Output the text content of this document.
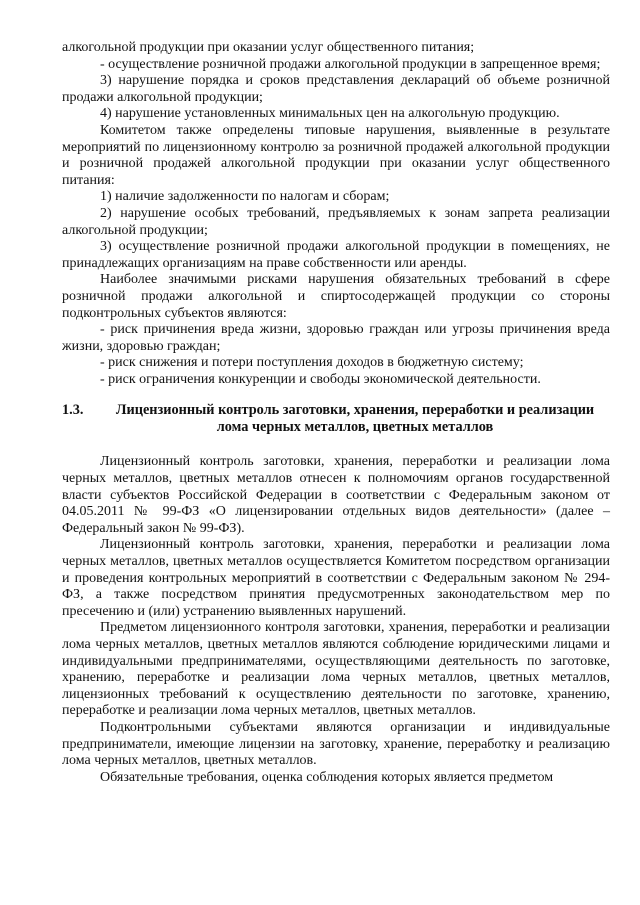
алкогольной продукции при оказании услуг общественного питания;

- осуществление розничной продажи алкогольной продукции в запрещенное время;

3) нарушение порядка и сроков представления деклараций об объеме розничной продажи алкогольной продукции;

4) нарушение установленных минимальных цен на алкогольную продукцию.

Комитетом также определены типовые нарушения, выявленные в результате мероприятий по лицензионному контролю за розничной продажей алкогольной продукции и розничной продажей алкогольной продукции при оказании услуг общественного питания:

1) наличие задолженности по налогам и сборам;

2) нарушение особых требований, предъявляемых к зонам запрета реализации алкогольной продукции;

3) осуществление розничной продажи алкогольной продукции в помещениях, не принадлежащих организациям на праве собственности или аренды.

Наиболее значимыми рисками нарушения обязательных требований в сфере розничной продажи алкогольной и спиртосодержащей продукции со стороны подконтрольных субъектов являются:

- риск причинения вреда жизни, здоровью граждан или угрозы причинения вреда жизни, здоровью граждан;

- риск снижения и потери поступления доходов в бюджетную систему;

- риск ограничения конкуренции и свободы экономической деятельности.

1.3.	Лицензионный контроль заготовки, хранения, переработки и реализации лома черных металлов, цветных металлов

Лицензионный контроль заготовки, хранения, переработки и реализации лома черных металлов, цветных металлов отнесен к полномочиям органов государственной власти субъектов Российской Федерации в соответствии с Федеральным законом от 04.05.2011 № 99-ФЗ «О лицензировании отдельных видов деятельности» (далее – Федеральный закон № 99-ФЗ).

Лицензионный контроль заготовки, хранения, переработки и реализации лома черных металлов, цветных металлов осуществляется Комитетом посредством организации и проведения контрольных мероприятий в соответствии с Федеральным законом № 294-ФЗ, а также посредством принятия предусмотренных законодательством мер по пресечению и (или) устранению выявленных нарушений.

Предметом лицензионного контроля заготовки, хранения, переработки и реализации лома черных металлов, цветных металлов являются соблюдение юридическими лицами и индивидуальными предпринимателями, осуществляющими деятельность по заготовке, хранению, переработке и реализации лома черных металлов, цветных металлов, лицензионных требований к осуществлению деятельности по заготовке, хранению, переработке и реализации лома черных металлов, цветных металлов.

Подконтрольными субъектами являются организации и индивидуальные предприниматели, имеющие лицензии на заготовку, хранение, переработку и реализацию лома черных металлов, цветных металлов.

Обязательные требования, оценка соблюдения которых является предметом
